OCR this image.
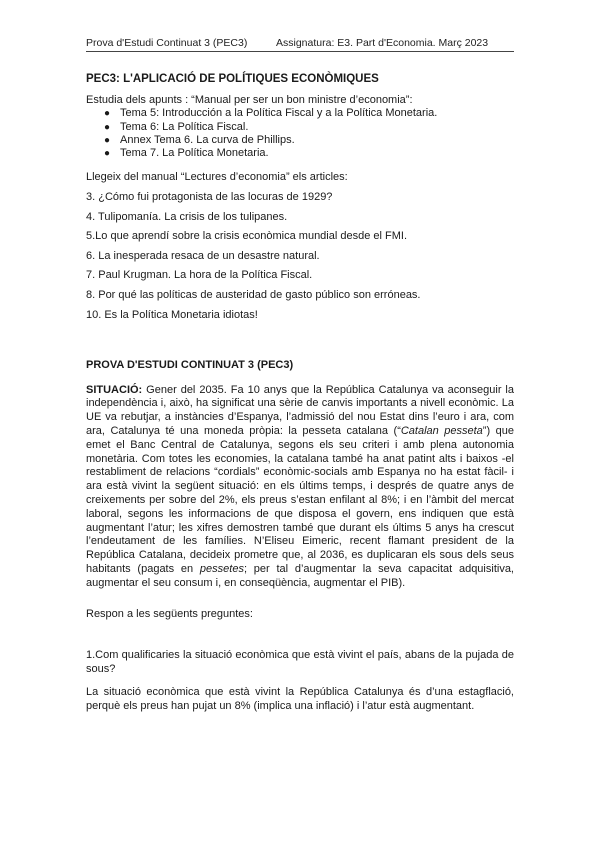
Prova d'Estudi Continuat 3 (PEC3)	Assignatura: E3. Part d'Economia. Març 2023
PEC3: L'APLICACIÓ DE POLÍTIQUES ECONÒMIQUES

Estudia dels apunts : “Manual per ser un bon ministre d’economia”:

● Tema 5: Introducción a la Política Fiscal y a la Política Monetaria.
● Tema 6: La Política Fiscal.
● Annex Tema 6. La curva de Phillips.
● Tema 7. La Política Monetaria.

Llegeix del manual “Lectures d’economia” els articles:

3. ¿Cómo fui protagonista de las locuras de 1929?
4. Tulipomanía. La crisis de los tulipanes.
5.Lo que aprendí sobre la crisis econòmica mundial desde el FMI.
6. La inesperada resaca de un desastre natural.
7. Paul Krugman. La hora de la Política Fiscal.
8. Por qué las políticas de austeridad de gasto público son erróneas.
10. Es la Política Monetaria idiotas!
PROVA D'ESTUDI CONTINUAT 3 (PEC3)

SITUACIÓ: Gener del 2035. Fa 10 anys que la República Catalunya va aconseguir la independència i, això, ha significat una sèrie de canvis importants a nivell econòmic. La UE va rebutjar, a instàncies d’Espanya, l’admissió del nou Estat dins l’euro i ara, com ara, Catalunya té una moneda pròpia: la pesseta catalana (“Catalan pesseta”) que emet el Banc Central de Catalunya, segons els seu criteri i amb plena autonomia monetària. Com totes les economies, la catalana també ha anat patint alts i baixos -el restabliment de relacions “cordials” econòmic-socials amb Espanya no ha estat fàcil- i ara està vivint la següent situació: en els últims temps, i després de quatre anys de creixements per sobre del 2%, els preus s’estan enfilant al 8%; i en l’àmbit del mercat laboral, segons les informacions de que disposa el govern, ens indiquen que està augmentant l’atur; les xifres demostren també que durant els últims 5 anys ha crescut l’endeutament de les famílies. N’Eliseu Eimeric, recent flamant president de la República Catalana, decideix prometre que, al 2036, es duplicaran els sous dels seus habitants (pagats en pessetes; per tal d’augmentar la seva capacitat adquisitiva, augmentar el seu consum i, en conseqüència, augmentar el PIB).

Respon a les següents preguntes:

1.Com qualificaries la situació econòmica que està vivint el país, abans de la pujada de sous?

La situació econòmica que està vivint la República Catalunya és d’una estagflació, perquè els preus han pujat un 8% (implica una inflació) i l’atur està augmentant.
